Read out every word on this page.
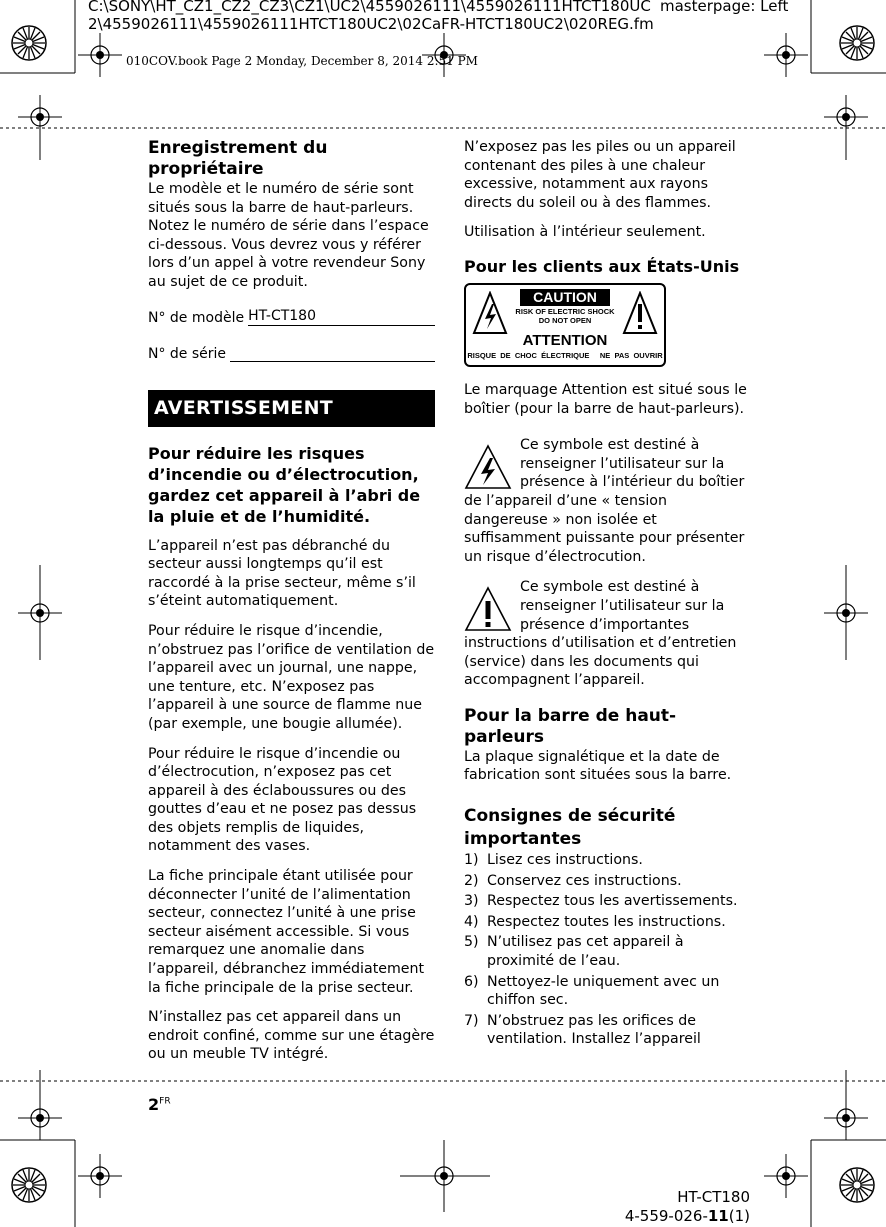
C:\SONY\HT_CZ1_CZ2_CZ3\CZ1\UC2\4559026111\4559026111HTCT180UC masterpage: Left
2\4559026111\4559026111HTCT180UC2\02CaFR-HTCT180UC2\020REG.fm
010COV.book Page 2 Monday, December 8, 2014 2:51 PM
Enregistrement du propriétaire

Le modèle et le numéro de série sont situés sous la barre de haut-parleurs. Notez le numéro de série dans l’espace ci-dessous. Vous devrez vous y référer lors d’un appel à votre revendeur Sony au sujet de ce produit.

N° de modèle HT-CT180
N° de série
AVERTISSEMENT
Pour réduire les risques d’incendie ou d’électrocution, gardez cet appareil à l’abri de la pluie et de l’humidité.

L’appareil n’est pas débranché du secteur aussi longtemps qu’il est raccordé à la prise secteur, même s’il s’éteint automatiquement.

Pour réduire le risque d’incendie, n’obstruez pas l’orifice de ventilation de l’appareil avec un journal, une nappe, une tenture, etc. N’exposez pas l’appareil à une source de flamme nue (par exemple, une bougie allumée).

Pour réduire le risque d’incendie ou d’électrocution, n’exposez pas cet appareil à des éclaboussures ou des gouttes d’eau et ne posez pas dessus des objets remplis de liquides, notamment des vases.

La fiche principale étant utilisée pour déconnecter l’unité de l’alimentation secteur, connectez l’unité à une prise secteur aisément accessible. Si vous remarquez une anomalie dans l’appareil, débranchez immédiatement la fiche principale de la prise secteur.

N’installez pas cet appareil dans un endroit confiné, comme sur une étagère ou un meuble TV intégré.

N’exposez pas les piles ou un appareil contenant des piles à une chaleur excessive, notamment aux rayons directs du soleil ou à des flammes.

Utilisation à l’intérieur seulement.

Pour les clients aux États-Unis
CAUTION
RISK OF ELECTRIC SHOCK
DO NOT OPEN
ATTENTION
RISQUE  DE  CHOC  ÉLECTRIQUE     NE  PAS  OUVRIR

Le marquage Attention est situé sous le boîtier (pour la barre de haut-parleurs).

Ce symbole est destiné à renseigner l’utilisateur sur la présence à l’intérieur du boîtier de l’appareil d’une « tension dangereuse » non isolée et suffisamment puissante pour présenter un risque d’électrocution.
Ce symbole est destiné à renseigner l’utilisateur sur la présence d’importantes instructions d’utilisation et d’entretien (service) dans les documents qui accompagnent l’appareil.
Pour la barre de haut-parleurs

La plaque signalétique et la date de fabrication sont situées sous la barre.

Consignes de sécurité importantes
1) Lisez ces instructions.
2) Conservez ces instructions.
3) Respectez tous les avertissements.
4) Respectez toutes les instructions.
5) N’utilisez pas cet appareil à proximité de l’eau.
6) Nettoyez-le uniquement avec un chiffon sec.
7) N’obstruez pas les orifices de ventilation. Installez l’appareil
$2^{FR}$
HT-CT180
4-559-026-11(1)
